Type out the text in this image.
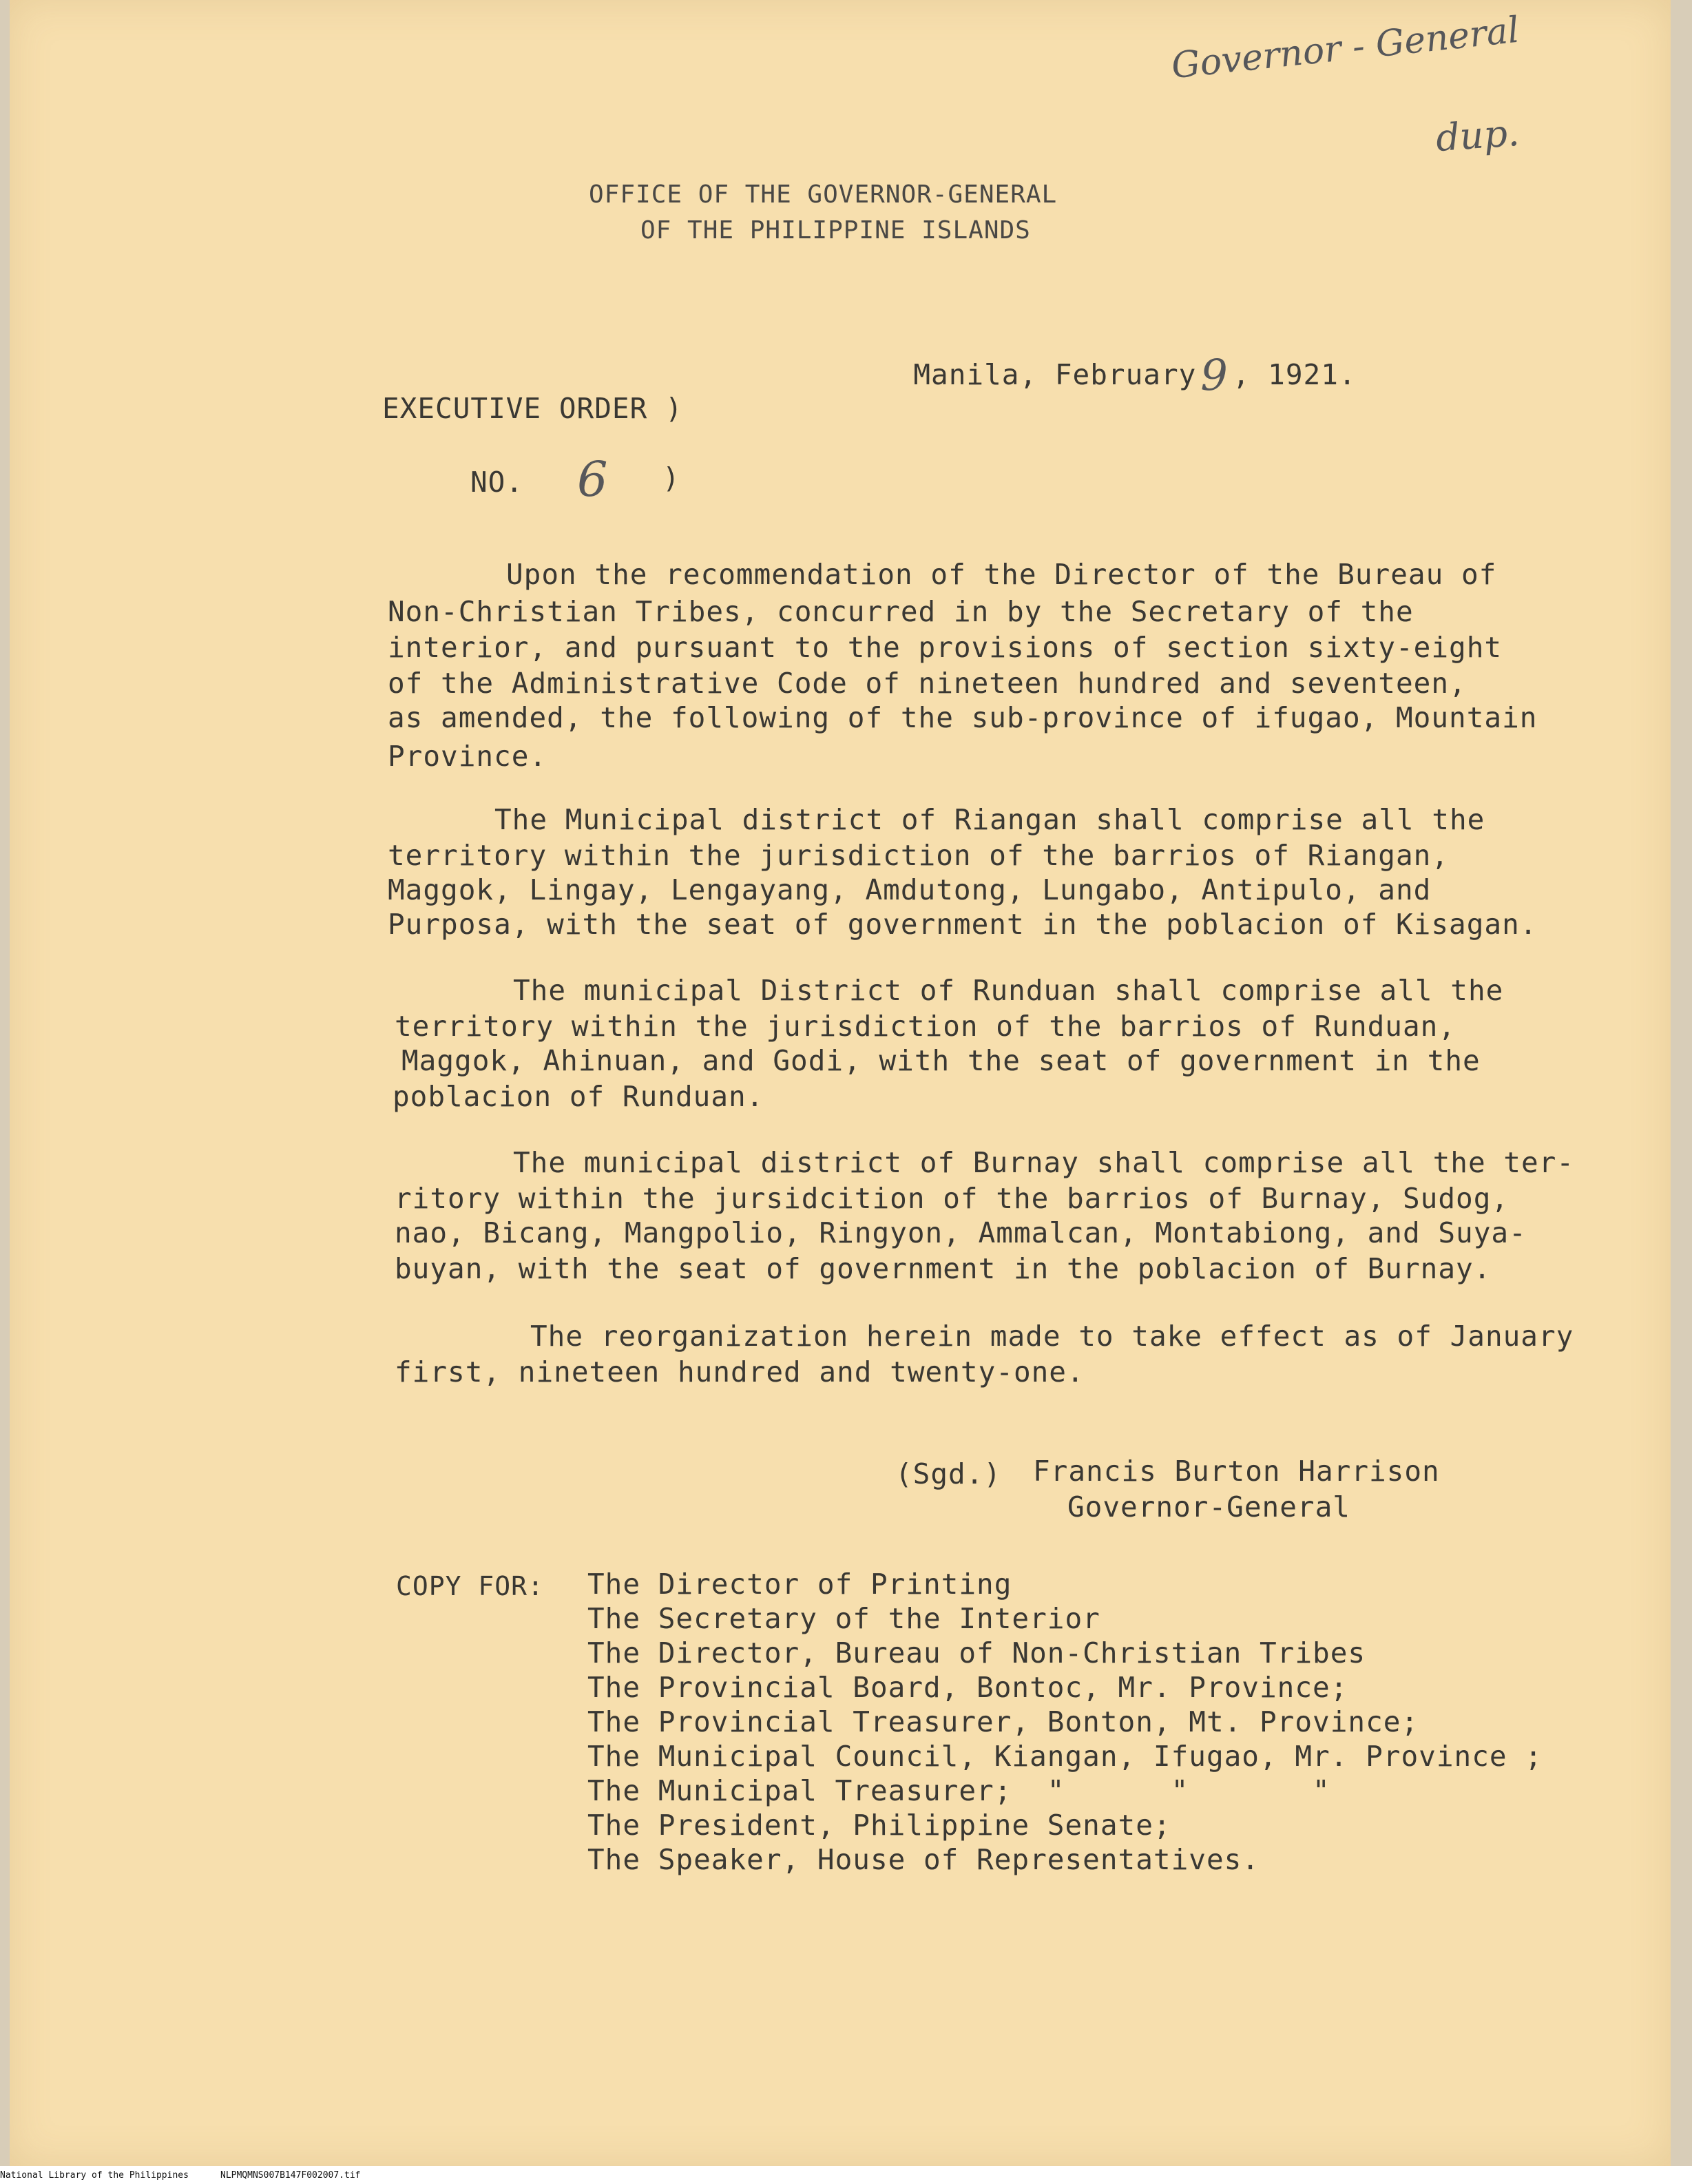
Governor - General
dup.
OFFICE OF THE GOVERNOR-GENERAL
OF THE PHILIPPINE ISLANDS

Manila, February9 , 1921.

EXECUTIVE ORDER )
NO. 6 )
Upon the recommendation of the Director of the Bureau of
Non-Christian Tribes, concurred in by the Secretary of the
interior, and pursuant to the provisions of section sixty-eight
of the Administrative Code of nineteen hundred and seventeen,
as amended, the following of the sub-province of ifugao, Mountain
Province.
The Municipal district of Riangan shall comprise all the
territory within the jurisdiction of the barrios of Riangan,
Maggok, Lingay, Lengayang, Amdutong, Lungabo, Antipulo, and
Purposa, with the seat of government in the poblacion of Kisagan.
The municipal District of Runduan shall comprise all the
territory within the jurisdiction of the barrios of Runduan,
Maggok, Ahinuan, and Godi, with the seat of government in the
poblacion of Runduan.
The municipal district of Burnay shall comprise all the ter-
ritory within the jursidcition of the barrios of Burnay, Sudog,
nao, Bicang, Mangpolio, Ringyon, Ammalcan, Montabiong, and Suya-
buyan, with the seat of government in the poblacion of Burnay.
The reorganization herein made to take effect as of January
first, nineteen hundred and twenty-one.
(Sgd.) Francis Burton Harrison
Governor-General
COPY FOR: The Director of Printing
The Secretary of the Interior
The Director, Bureau of Non-Christian Tribes
The Provincial Board, Bontoc, Mr. Province;
The Provincial Treasurer, Bonton, Mt. Province;
The Municipal Council, Kiangan, Ifugao, Mr. Province ;
The Municipal Treasurer;  "      "       "
The President, Philippine Senate;
The Speaker, House of Representatives.
National Library of the Philippines	NLPMQMNS007B147F002007.tif
